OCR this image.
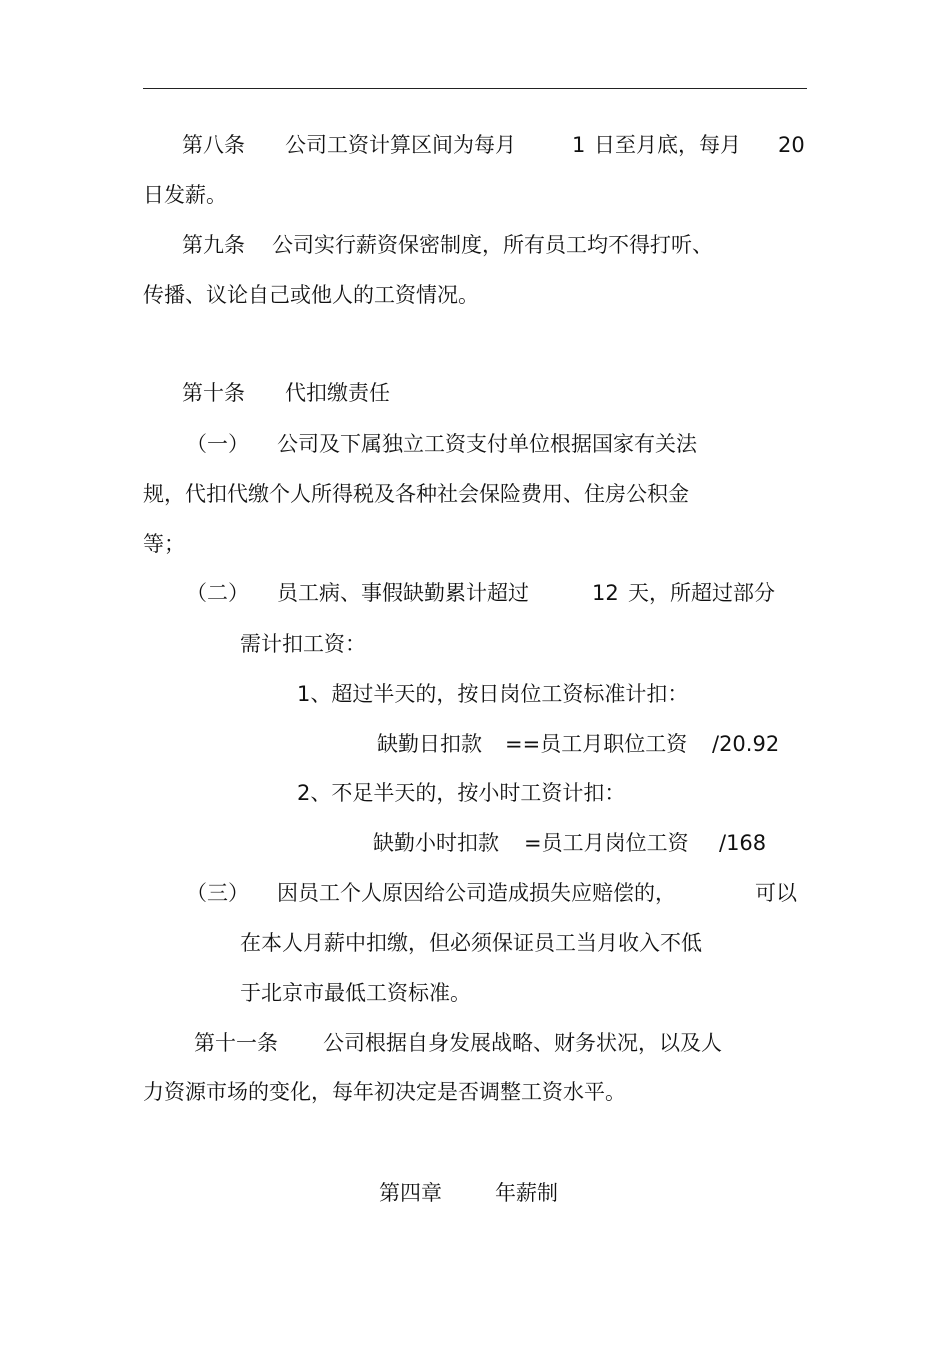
第八条 公司工资计算区间为每月	1 日至月底，每月 20
日发薪。
第九条 公司实行薪资保密制度，所有员工均不得打听、
传播、议论自己或他人的工资情况。
第十条 代扣缴责任
（一） 公司及下属独立工资支付单位根据国家有关法
规，代扣代缴个人所得税及各种社会保险费用、住房公积金
等；
（二） 员工病、事假缺勤累计超过	12 天，所超过部分
需计扣工资：
1、超过半天的，按日岗位工资标准计扣：
缺勤日扣款 ==员工月职位工资 /20.92
2、不足半天的，按小时工资计扣：
缺勤小时扣款 =员工月岗位工资 /168
（三） 因员工个人原因给公司造成损失应赔偿的，	可以
在本人月薪中扣缴，但必须保证员工当月收入不低
于北京市最低工资标准。
第十一条 公司根据自身发展战略、财务状况，以及人
力资源市场的变化，每年初决定是否调整工资水平。
第四章	年薪制
